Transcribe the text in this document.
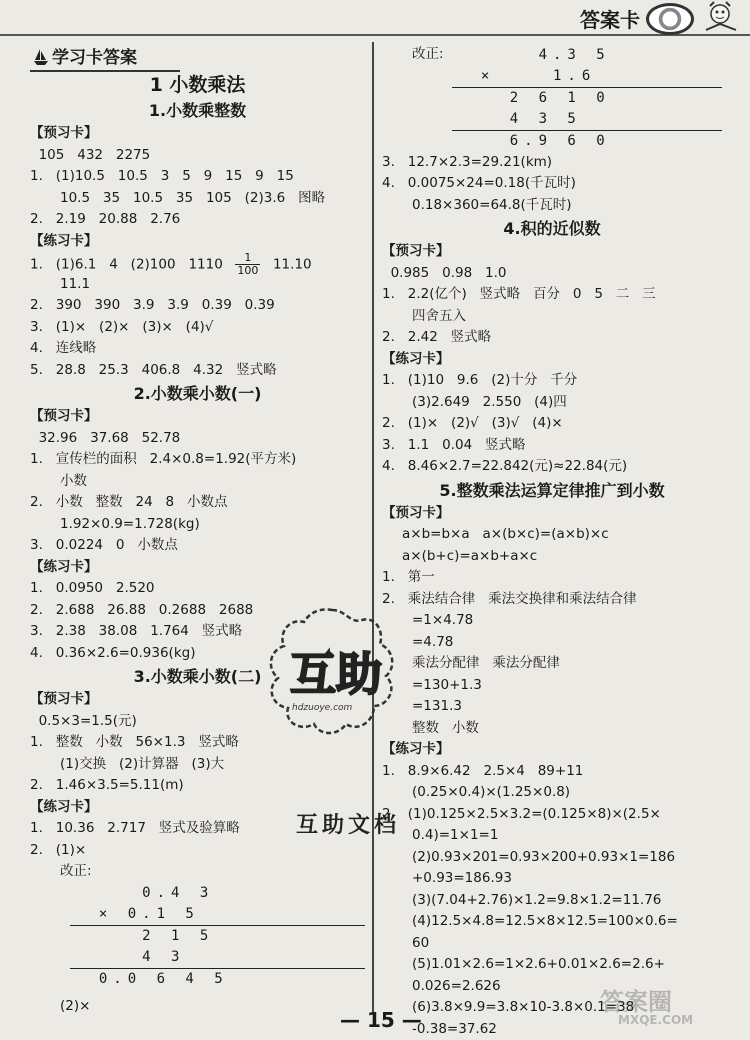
答案卡
学习卡答案
1 小数乘法
1.小数乘整数
【预习卡】
105   432   2275
1.   (1)10.5   10.5   3   5   9   15   9   15
10.5   35   10.5   35   105   (2)3.6   图略
2.   2.19   20.88   2.76
【练习卡】
1.   (1)6.1   4   (2)100   $1110 \frac{1}{100} 11.10$
11.1
2.   390   390   3.9   3.9   0.39   0.39
3.   (1)×   (2)×   (3)×   (4)√
4.   连线略
5.   28.8   25.3   406.8   4.32   竖式略
2.小数乘小数(一)
【预习卡】
32.96   37.68   52.78
1.   宣传栏的面积   2.4×0.8=1.92(平方米)
小数
2.   小数   整数   24   8   小数点
1.92×0.9=1.728(kg)
3.   0.0224   0   小数点
【练习卡】
1.   0.0950   2.520
2.   2.688   26.88   0.2688   2688
3.   2.38   38.08   1.764   竖式略
4.   0.36×2.6=0.936(kg)
3.小数乘小数(二)
【预习卡】
0.5×3=1.5(元)
1.   整数   小数   56×1.3   竖式略
(1)交换   (2)计算器   (3)大
2.   1.46×3.5=5.11(m)
【练习卡】
1.   10.36   2.717   竖式及验算略
2.   (1)×
改正:
0.4 3
× 0.1 5
2 1 5
4 3
0.0 6 4 5
(2)×
改正: 4.3 5
×    1.6
2 6 1 0
4 3 5
6.9 6 0
3.   12.7×2.3=29.21(km)
4.   0.0075×24=0.18(千瓦时)
0.18×360=64.8(千瓦时)
4.积的近似数
【预习卡】
0.985   0.98   1.0
1.   2.2(亿个)   竖式略   百分   0   5   二   三
四舍五入
2.   2.42   竖式略
【练习卡】
1.   (1)10   9.6   (2)十分   千分
(3)2.649   2.550   (4)四
2.   (1)×   (2)√   (3)√   (4)×
3.   1.1   0.04   竖式略
4.   8.46×2.7=22.842(元)≈22.84(元)
5.整数乘法运算定律推广到小数
【预习卡】
a×b=b×a   a×(b×c)=(a×b)×c
a×(b+c)=a×b+a×c
1.   第一
2.   乘法结合律   乘法交换律和乘法结合律
=1×4.78
=4.78
乘法分配律   乘法分配律
=130+1.3
=131.3
整数   小数
【练习卡】
1.   8.9×6.42   2.5×4   89+11
(0.25×0.4)×(1.25×0.8)
2.   (1)0.125×2.5×3.2=(0.125×8)×(2.5×
0.4)=1×1=1
(2)0.93×201=0.93×200+0.93×1=186
+0.93=186.93
(3)(7.04+2.76)×1.2=9.8×1.2=11.76
(4)12.5×4.8=12.5×8×12.5=100×0.6=
60
(5)1.01×2.6=1×2.6+0.01×2.6=2.6+
0.026=2.626
(6)3.8×9.9=3.8×10-3.8×0.1=38
-0.38=37.62
互助
hdzuoye.com
互助文档
— 15 —
答案圈
MXQE.COM
